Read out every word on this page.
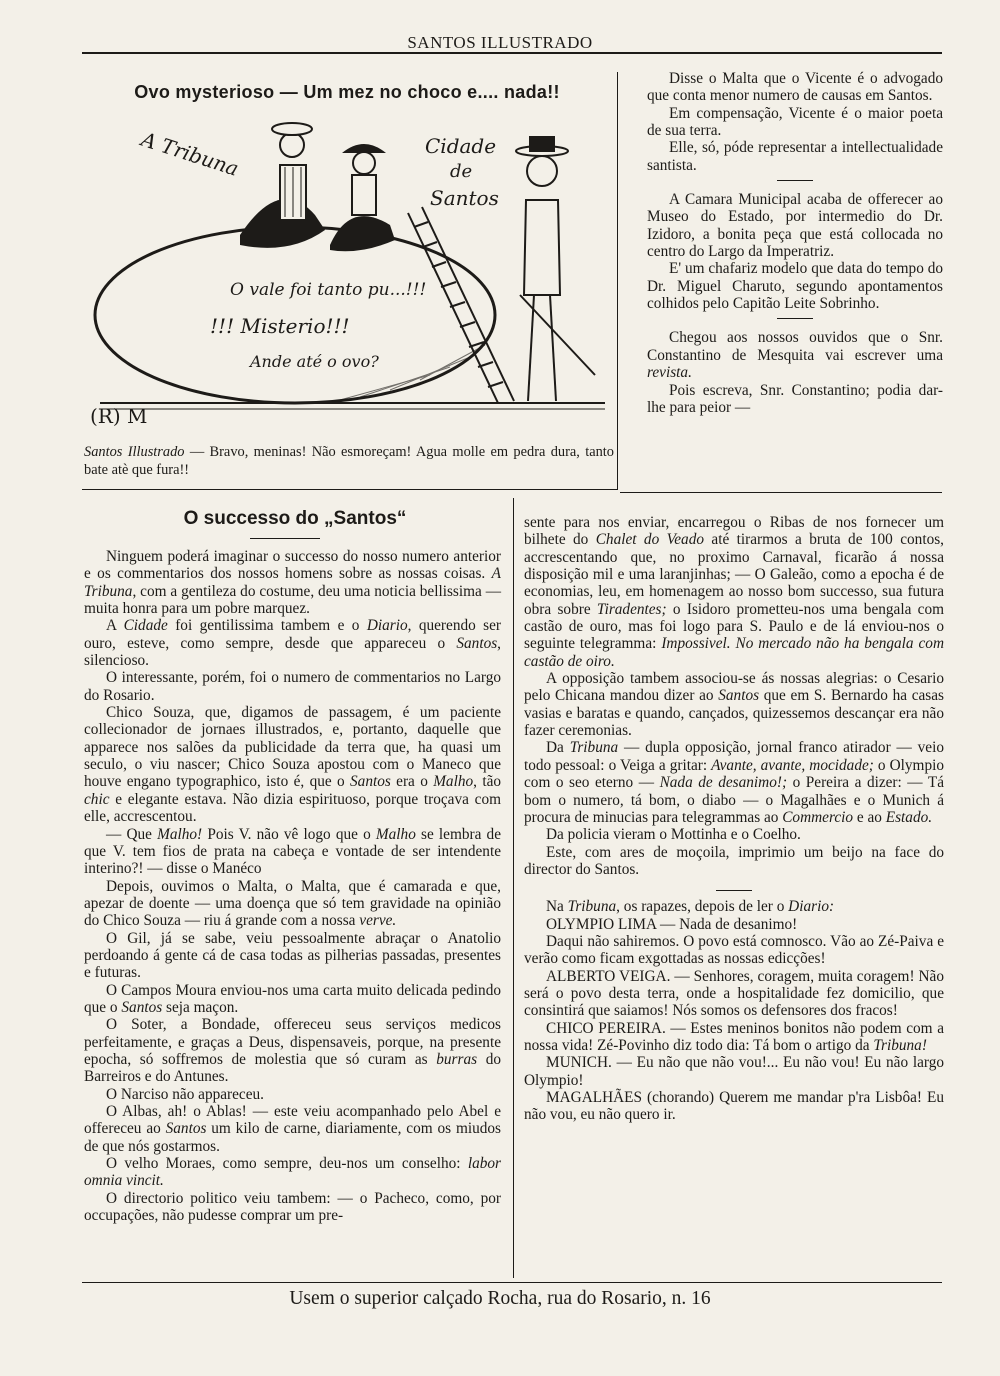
SANTOS ILLUSTRADO
Ovo mysterioso — Um mez no choco e.... nada!!
A Tribuna	Cidade
de
Santos
O vale foi tanto pu...!!!
!!! Misterio!!!
Ande até o ovo?
(R) M
Santos Illustrado — Bravo, meninas! Não esmoreçam! Agua molle em pedra dura, tanto bate atè que fura!!

Disse o Malta que o Vicente é o advogado que conta menor numero de causas em Santos.

Em compensação, Vicente é o maior poeta de sua terra.

Elle, só, póde representar a intellectualidade santista.

A Camara Municipal acaba de offerecer ao Museo do Estado, por intermedio do Dr. Izidoro, a bonita peça que está collocada no centro do Largo da Imperatriz.

E' um chafariz modelo que data do tempo do Dr. Miguel Charuto, segundo apontamentos colhidos pelo Capitão Leite Sobrinho.

Chegou aos nossos ouvidos que o Snr. Constantino de Mesquita vai escrever uma revista.

Pois escreva, Snr. Constantino; podia dar-lhe para peior —

O successo do „Santos“

Ninguem poderá imaginar o successo do nosso numero anterior e os commentarios dos nossos homens sobre as nossas coisas. A Tribuna, com a gentileza do costume, deu uma noticia bellissima — muita honra para um pobre marquez.

A Cidade foi gentilissima tambem e o Diario, querendo ser ouro, esteve, como sempre, desde que appareceu o Santos, silencioso.

O interessante, porém, foi o numero de commentarios no Largo do Rosario.

Chico Souza, que, digamos de passagem, é um paciente collecionador de jornaes illustrados, e, portanto, daquelle que apparece nos salões da publicidade da terra que, ha quasi um seculo, o viu nascer; Chico Souza apostou com o Maneco que houve engano typographico, isto é, que o Santos era o Malho, tão chic e elegante estava. Não dizia espirituoso, porque troçava com elle, accrescentou.

— Que Malho! Pois V. não vê logo que o Malho se lembra de que V. tem fios de prata na cabeça e vontade de ser intendente interino?! — disse o Manéco

Depois, ouvimos o Malta, o Malta, que é camarada e que, apezar de doente — uma doença que só tem gravidade na opinião do Chico Souza — riu á grande com a nossa verve.

O Gil, já se sabe, veiu pessoalmente abraçar o Anatolio perdoando á gente cá de casa todas as pilherias passadas, presentes e futuras.

O Campos Moura enviou-nos uma carta muito delicada pedindo que o Santos seja maçon.

O Soter, a Bondade, offereceu seus serviços medicos perfeitamente, e graças a Deus, dispensaveis, porque, na presente epocha, só soffremos de molestia que só curam as burras do Barreiros e do Antunes.

O Narciso não appareceu.

O Albas, ah! o Ablas! — este veiu acompanhado pelo Abel e offereceu ao Santos um kilo de carne, diariamente, com os miudos de que nós gostarmos.

O velho Moraes, como sempre, deu-nos um conselho: labor omnia vincit.

O directorio politico veiu tambem: — o Pacheco, como, por occupações, não pudesse comprar um pre-

sente para nos enviar, encarregou o Ribas de nos fornecer um bilhete do Chalet do Veado até tirarmos a bruta de 100 contos, accrescentando que, no proximo Carnaval, ficarão á nossa disposição mil e uma laranjinhas; — O Galeão, como a epocha é de economias, leu, em homenagem ao nosso bom successo, sua futura obra sobre Tiradentes; o Isidoro prometteu-nos uma bengala com castão de ouro, mas foi logo para S. Paulo e de lá enviou-nos o seguinte telegramma: Impossivel. No mercado não ha bengala com castão de oiro.

A opposição tambem associou-se ás nossas alegrias: o Cesario pelo Chicana mandou dizer ao Santos que em S. Bernardo ha casas vasias e baratas e quando, cançados, quizessemos descançar era não fazer ceremonias.

Da Tribuna — dupla opposição, jornal franco atirador — veio todo pessoal: o Veiga a gritar: Avante, avante, mocidade; o Olympio com o seo eterno — Nada de desanimo!; o Pereira a dizer: — Tá bom o numero, tá bom, o diabo — o Magalhães e o Munich á procura de minucias para telegrammas ao Commercio e ao Estado.

Da policia vieram o Mottinha e o Coelho.

Este, com ares de moçoila, imprimio um beijo na face do director do Santos.

Na Tribuna, os rapazes, depois de ler o Diario:

OLYMPIO LIMA — Nada de desanimo!

Daqui não sahiremos. O povo está comnosco. Vão ao Zé-Paiva e verão como ficam exgottadas as nossas edicções!

ALBERTO VEIGA. — Senhores, coragem, muita coragem! Não será o povo desta terra, onde a hospitalidade fez domicilio, que consintirá que saiamos! Nós somos os defensores dos fracos!

CHICO PEREIRA. — Estes meninos bonitos não podem com a nossa vida! Zé-Povinho diz todo dia: Tá bom o artigo da Tribuna!

MUNICH. — Eu não que não vou!... Eu não vou! Eu não largo Olympio!

MAGALHÃES (chorando) Querem me mandar p'ra Lisbôa! Eu não vou, eu não quero ir.

Usem o superior calçado Rocha, rua do Rosario, n. 16
